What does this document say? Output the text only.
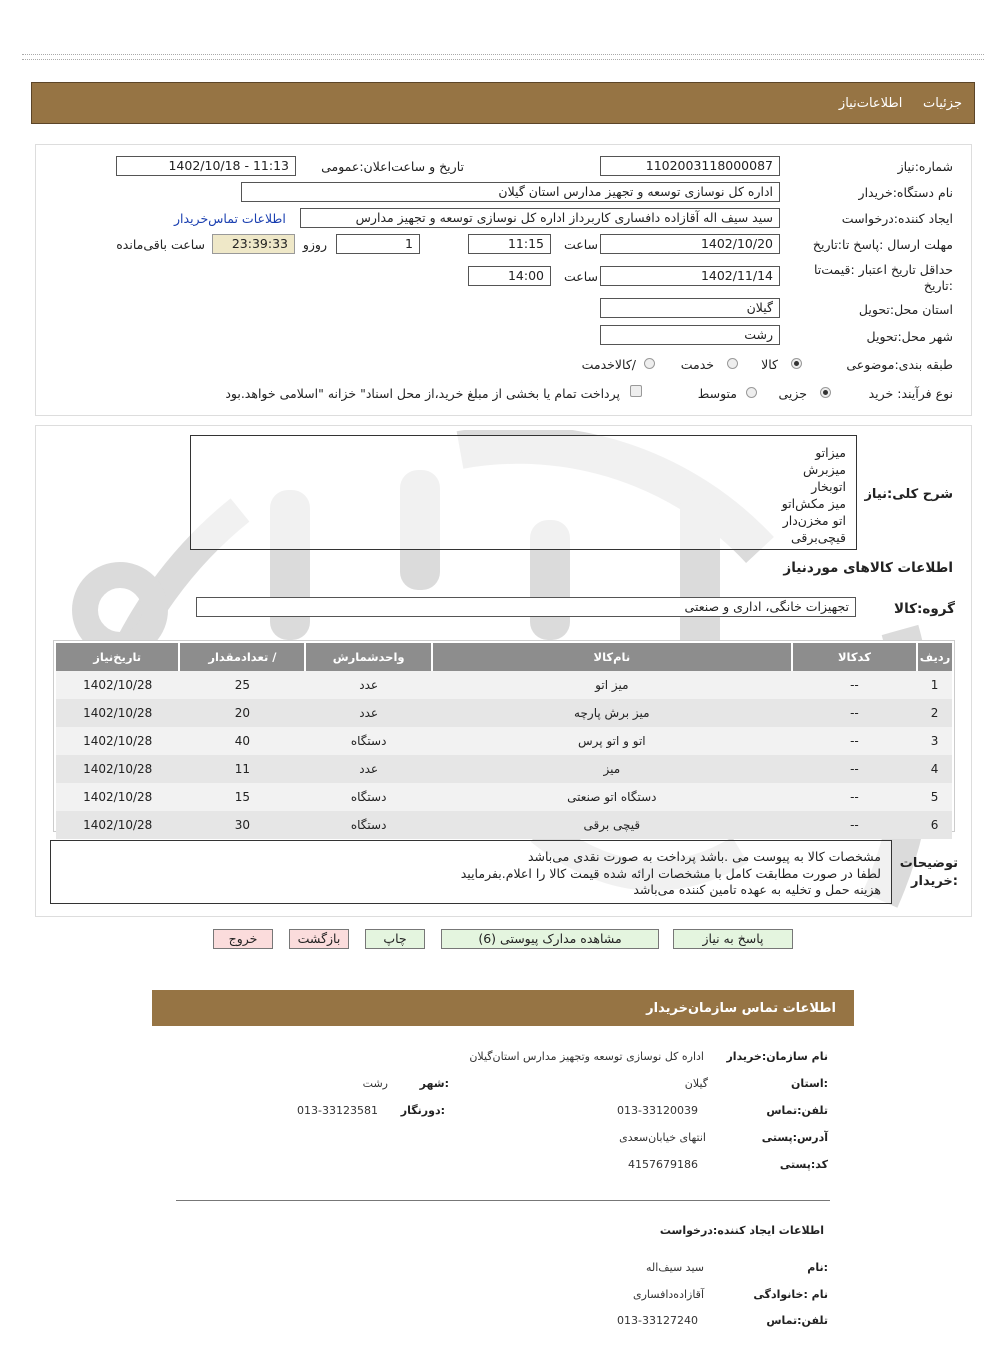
جزئیات     اطلاعات‌نیاز
شماره:نیاز
1102003118000087
تاریخ و ساعت‌اعلان:عمومی
1402/10/18 - 11:13
نام دستگاه:خریدار
اداره کل نوسازی توسعه و تجهیز مدارس استان گیلان
ایجاد کننده:درخواست
سید سیف اله آقازاده دافساری کاربرداز اداره کل نوسازی توسعه و تجهیز مدارس
اطلاعات تماس‌خریدار
مهلت ارسال :پاسخ تا:تاریخ
1402/10/20
ساعت
11:15
1
روزو
23:39:33
ساعت باقی‌مانده
حداقل تاریخ اعتبار :قیمت‌تا
:تاریخ
1402/11/14
ساعت
14:00
استان محل:تحویل
گیلان
شهر محل:تحویل
رشت
طبقه بندی:موضوعی
کالا
خدمت
/کالاخدمت
نوع فرآیند: خرید
جزیی
متوسط
پرداخت تمام یا بخشی از مبلغ خرید،از محل اسناد" خزانه "اسلامی خواهد.بود
شرح کلی:نیاز
میزاتو
میزبرش
اتوبخار
میز مکش‌اتو
اتو مخزن‌دار
قیچی‌برقی
اطلاعات کالاهای موردنیاز
گروه:کالا
تجهیزات خانگی، اداری و صنعتی
ردیف	کدکالا	نام‌کالا	واحدشمارش	/ تعدادمقدار	تاریخ‌نیاز
1	--	میز اتو	عدد	25	1402/10/28
2	--	میز برش پارچه	عدد	20	1402/10/28
3	--	اتو و اتو پرس	دستگاه	40	1402/10/28
4	--	میز	عدد	11	1402/10/28
5	--	دستگاه اتو صنعتی	دستگاه	15	1402/10/28
6	--	قیچی برقی	دستگاه	30	1402/10/28
توضیحات
:خریدار
مشخصات کالا به پیوست می .باشد پرداخت به صورت نقدی می‌باشد
لطفا در صورت مطابقت کامل با مشخصات ارائه شده قیمت کالا را اعلام.بفرمایید
هزینه حمل و تخلیه به عهده تامین کننده می‌باشد
پاسخ به نیاز
مشاهده مدارک پیوستی (6)
چاپ
بازگشت
خروج
اطلاعات تماس سازمان‌خریدار
نام سازمان:خریدار
اداره کل نوسازی توسعه وتجهیز مدارس استان‌گیلان
:استان
گیلان
:شهر
رشت
تلفن:تماس
013-33120039
:دورنگار
013-33123581
آدرس:پستی
انتهای خیابان‌سعدی
کد:پستی
4157679186
اطلاعات ایجاد کننده:درخواست
:نام
سید سیف‌اله
نام :خانوادگی
آقازاده‌دافساری
تلفن:تماس
013-33127240
